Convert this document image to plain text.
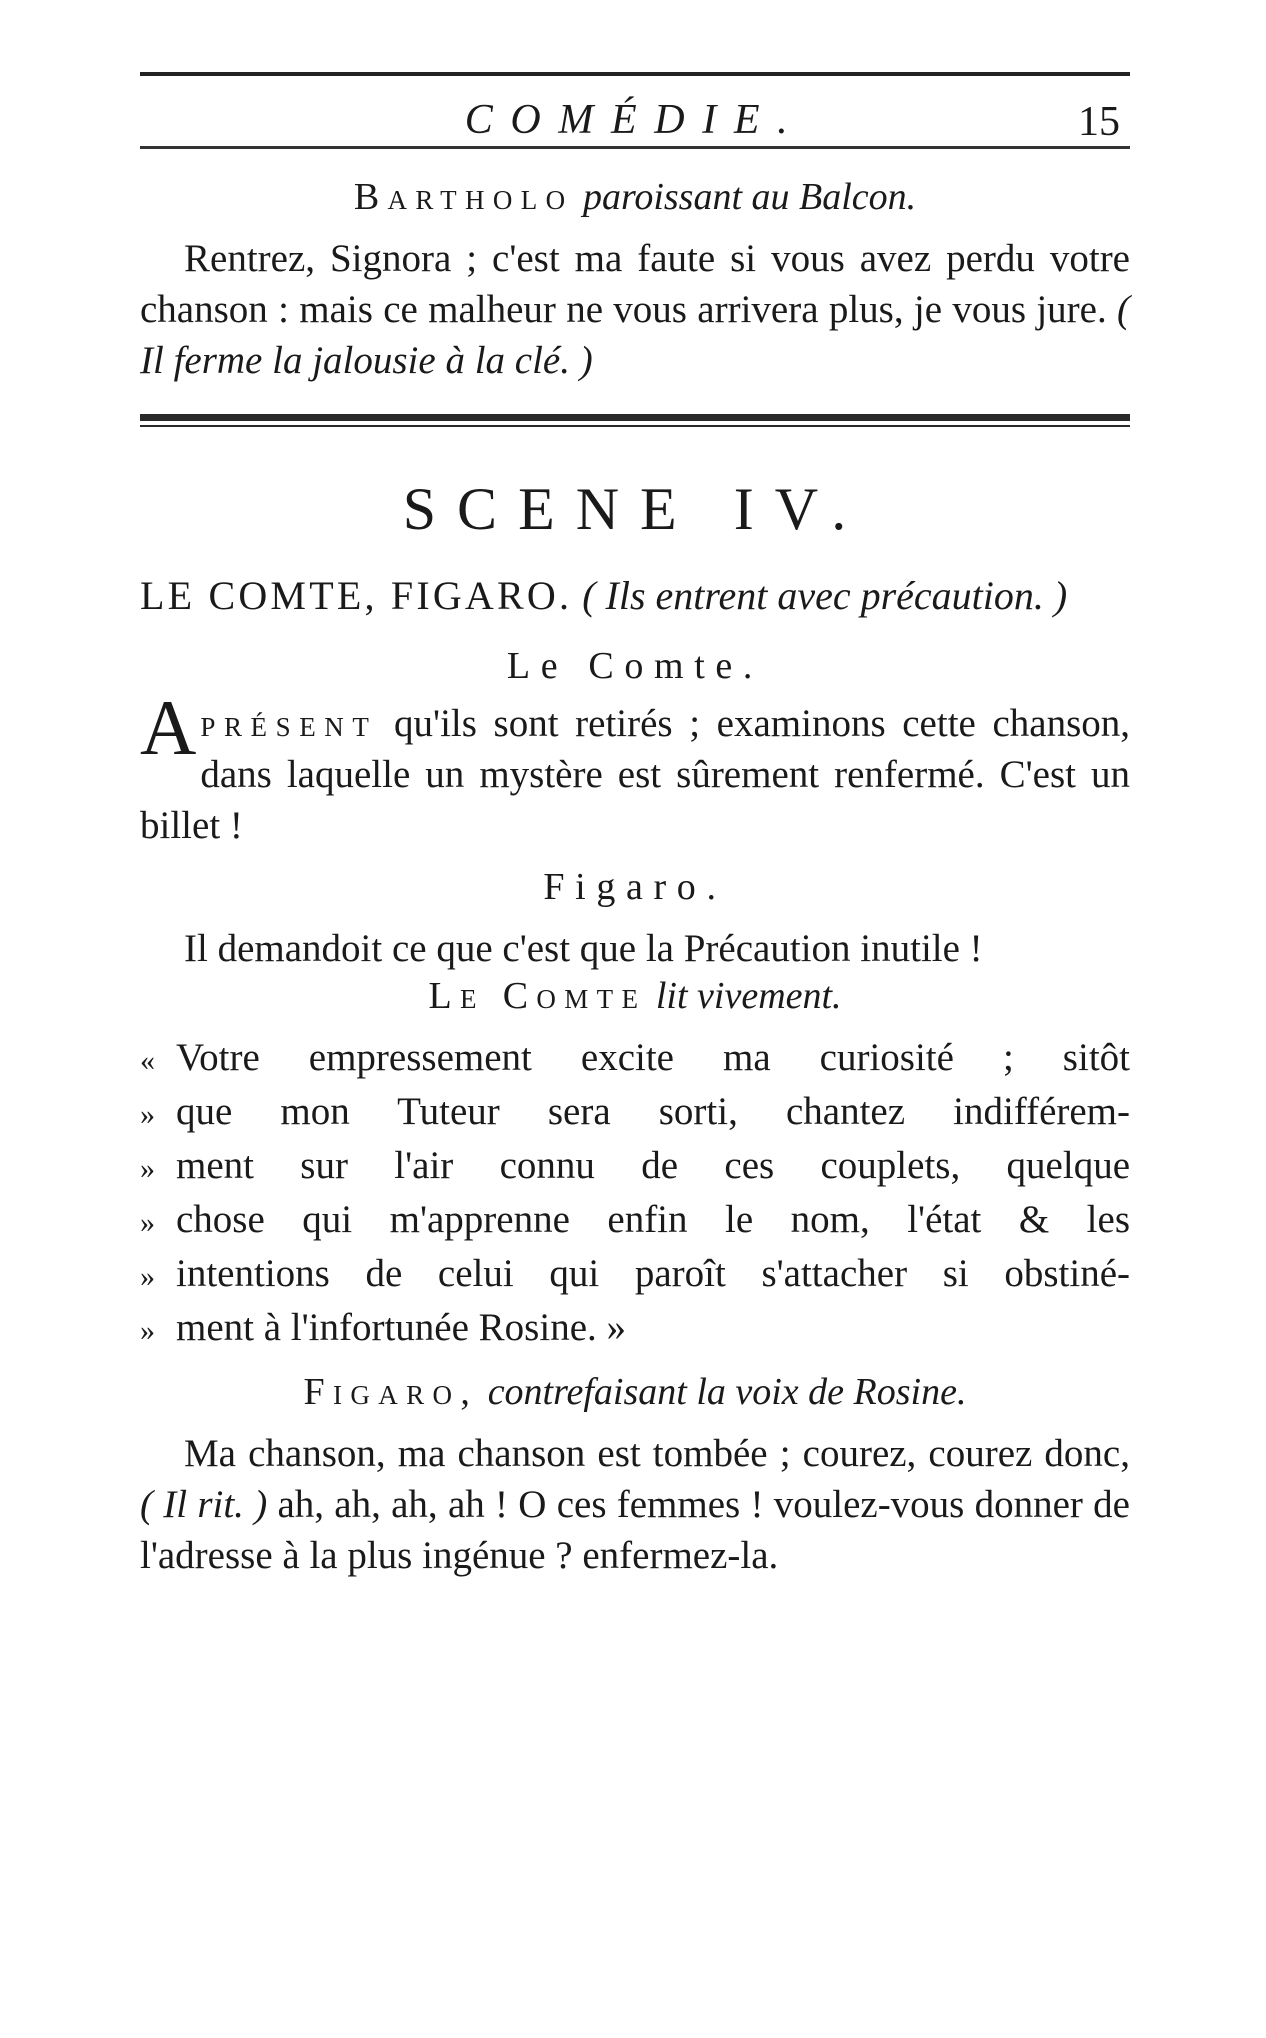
COMÉDIE.	15

Bartholo paroissant au Balcon.

Rentrez, Signora ; c'est ma faute si vous avez perdu votre chanson : mais ce malheur ne vous arrivera plus, je vous jure. ( Il ferme la jalousie à la clé. )

SCENE IV.

LE COMTE, FIGARO. ( Ils entrent avec précaution. )

Le Comte.

A présent qu'ils sont retirés ; examinons cette chanson, dans laquelle un mystère est sûrement renfermé. C'est un billet !

Figaro.

Il demandoit ce que c'est que la Précaution inutile !

Le Comte lit vivement.

« Votre empressement excite ma curiosité ; sitôt
» que mon Tuteur sera sorti, chantez indifférem-
» ment sur l'air connu de ces couplets, quelque
» chose qui m'apprenne enfin le nom, l'état & les
» intentions de celui qui paroît s'attacher si obstiné-
» ment à l'infortunée Rosine. »

Figaro, contrefaisant la voix de Rosine.

Ma chanson, ma chanson est tombée ; courez, courez donc, ( Il rit. ) ah, ah, ah, ah ! O ces femmes ! voulez-vous donner de l'adresse à la plus ingénue ? enfermez-la.
